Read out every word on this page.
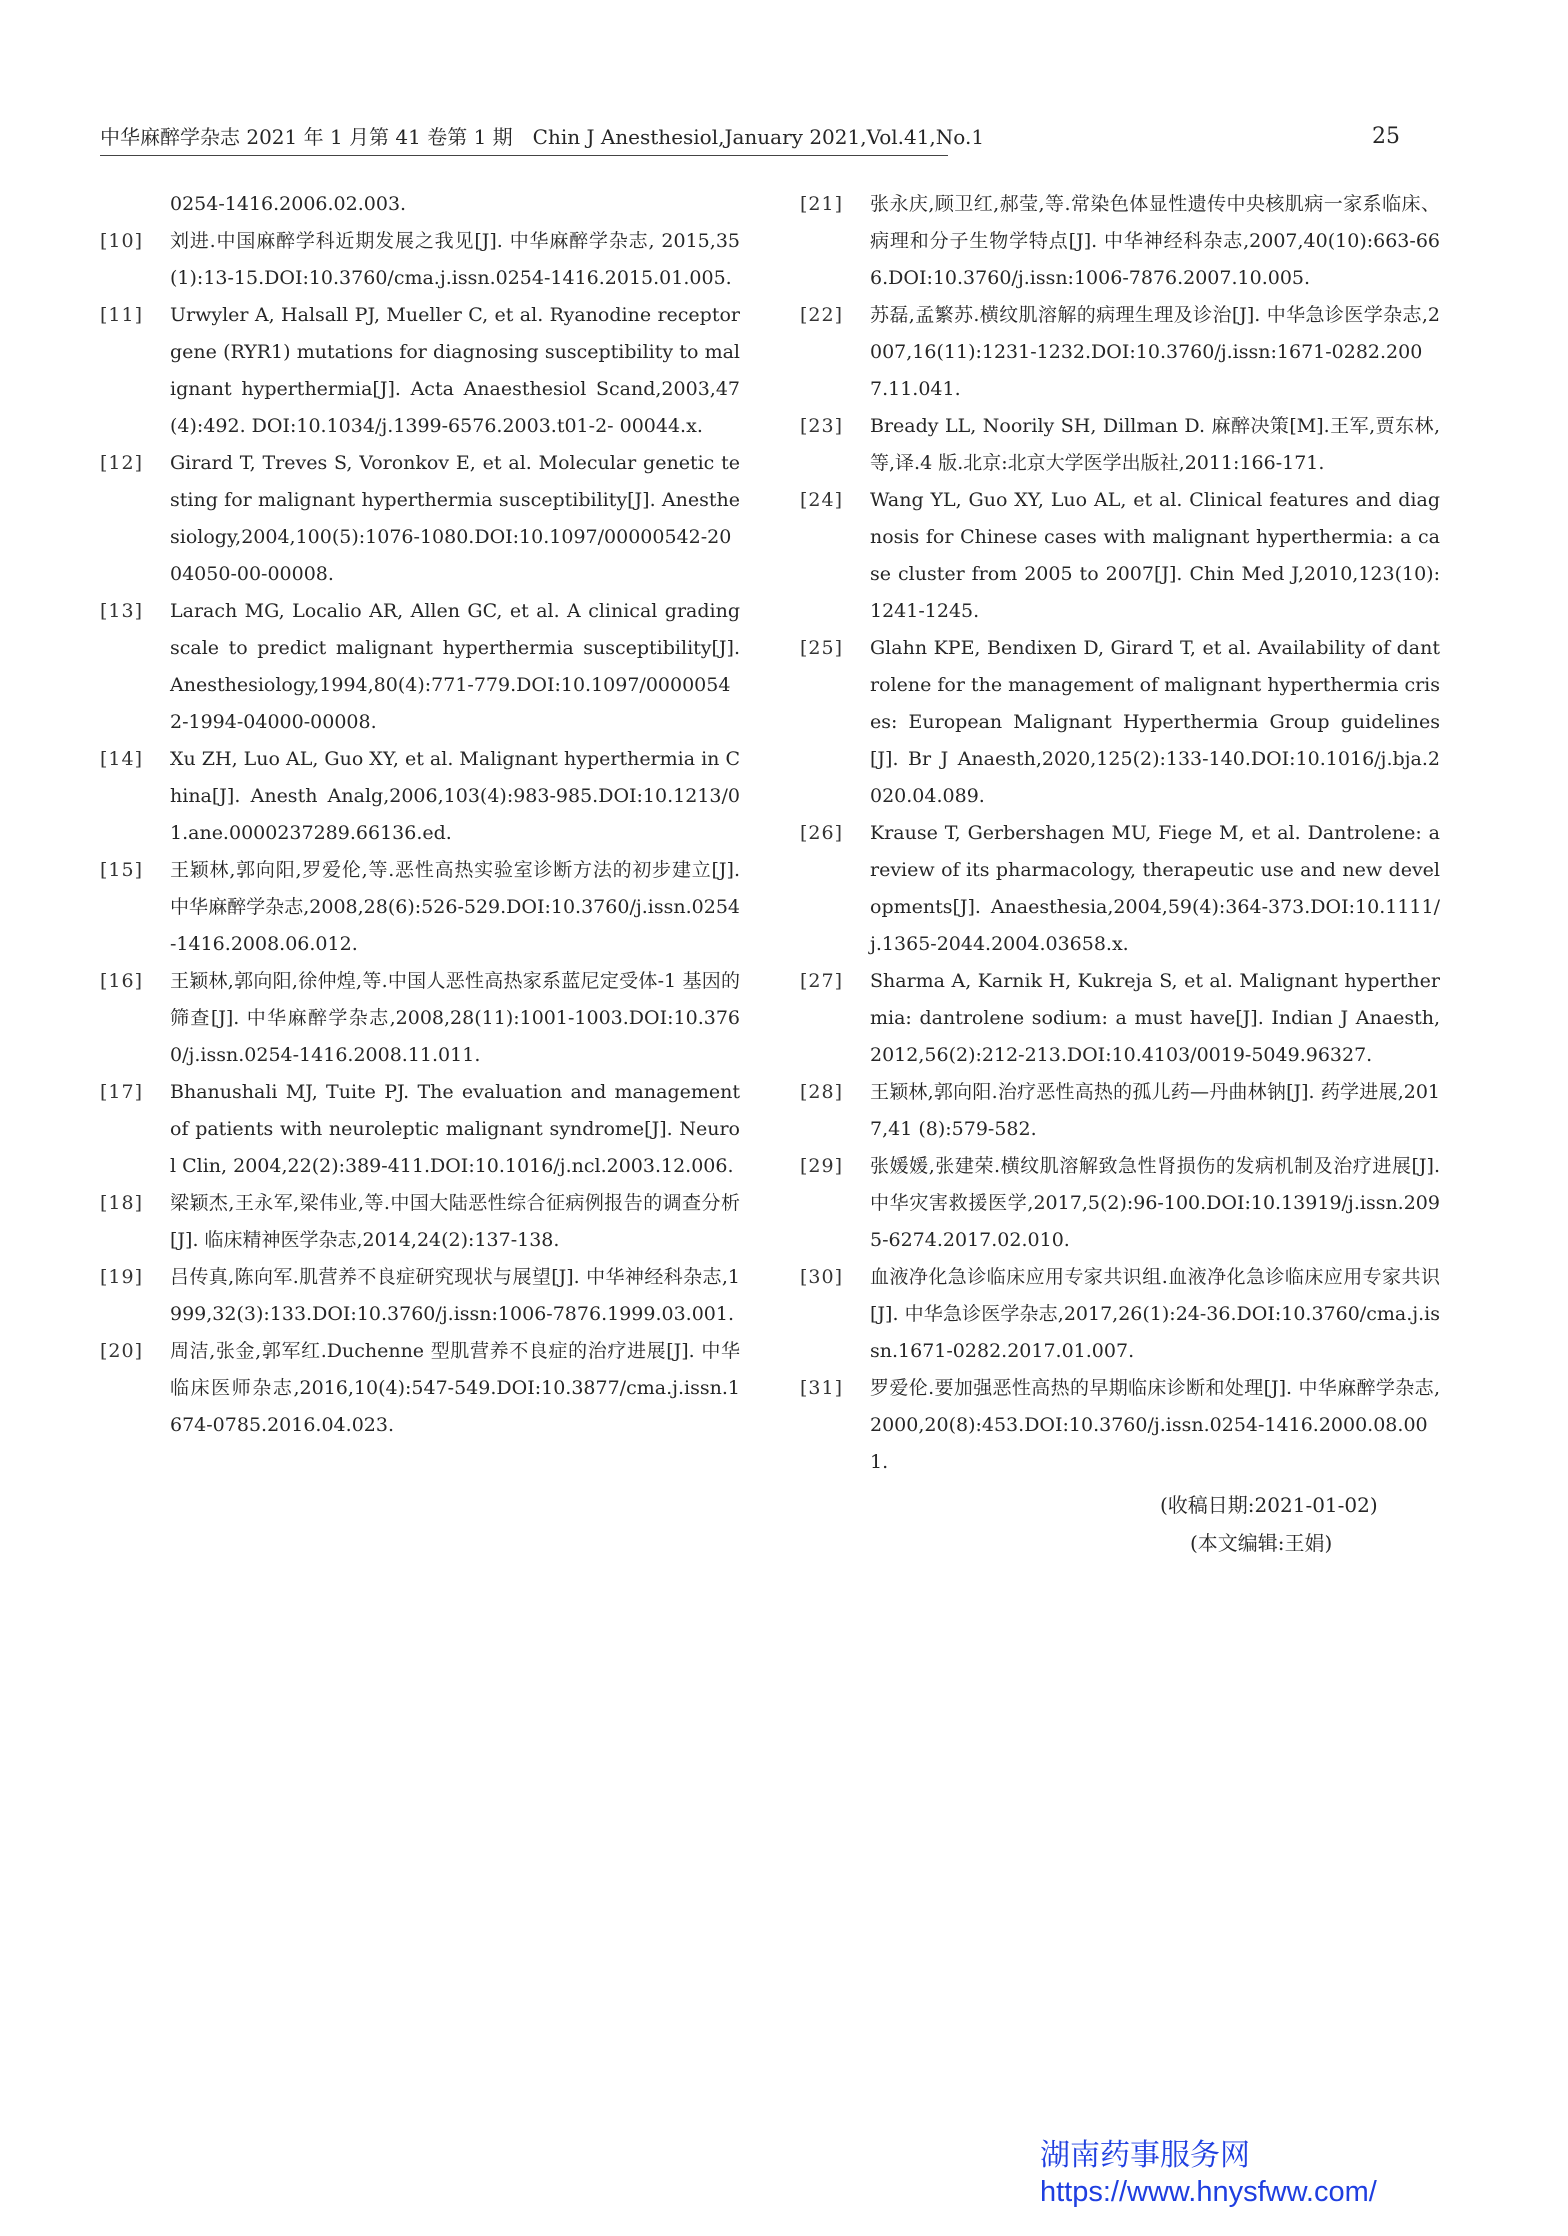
中华麻醉学杂志 2021 年 1 月第 41 卷第 1 期　Chin J Anesthesiol,January 2021,Vol.41,No.1	25
0254-1416.2006.02.003.
[10]	刘进.中国麻醉学科近期发展之我见[J]. 中华麻醉学杂志, 2015,35(1):13-15.DOI:10.3760/cma.j.issn.0254-1416.2015.01.005.
[11]	Urwyler A, Halsall PJ, Mueller C, et al. Ryanodine receptor gene (RYR1) mutations for diagnosing susceptibility to malignant hyperthermia[J]. Acta Anaesthesiol Scand,2003,47(4):492. DOI:10.1034/j.1399-6576.2003.t01-2- 00044.x.
[12]	Girard T, Treves S, Voronkov E, et al. Molecular genetic testing for malignant hyperthermia susceptibility[J]. Anesthesiology,2004,100(5):1076-1080.DOI:10.1097/00000542-2004050-00-00008.
[13]	Larach MG, Localio AR, Allen GC, et al. A clinical grading scale to predict malignant hyperthermia susceptibility[J]. Anesthesiology,1994,80(4):771-779.DOI:10.1097/00000542-1994-04000-00008.
[14]	Xu ZH, Luo AL, Guo XY, et al. Malignant hyperthermia in China[J]. Anesth Analg,2006,103(4):983-985.DOI:10.1213/01.ane.0000237289.66136.ed.
[15]	王颖林,郭向阳,罗爱伦,等.恶性高热实验室诊断方法的初步建立[J]. 中华麻醉学杂志,2008,28(6):526-529.DOI:10.3760/j.issn.0254-1416.2008.06.012.
[16]	王颖林,郭向阳,徐仲煌,等.中国人恶性高热家系蓝尼定受体-1 基因的筛查[J]. 中华麻醉学杂志,2008,28(11):1001-1003.DOI:10.3760/j.issn.0254-1416.2008.11.011.
[17]	Bhanushali MJ, Tuite PJ. The evaluation and management of patients with neuroleptic malignant syndrome[J]. Neurol Clin, 2004,22(2):389-411.DOI:10.1016/j.ncl.2003.12.006.
[18]	梁颖杰,王永军,梁伟业,等.中国大陆恶性综合征病例报告的调查分析[J]. 临床精神医学杂志,2014,24(2):137-138.
[19]	吕传真,陈向军.肌营养不良症研究现状与展望[J]. 中华神经科杂志,1999,32(3):133.DOI:10.3760/j.issn:1006-7876.1999.03.001.
[20]	周洁,张金,郭军红.Duchenne 型肌营养不良症的治疗进展[J]. 中华临床医师杂志,2016,10(4):547-549.DOI:10.3877/cma.j.issn.1674-0785.2016.04.023.
[21]	张永庆,顾卫红,郝莹,等.常染色体显性遗传中央核肌病一家系临床、病理和分子生物学特点[J]. 中华神经科杂志,2007,40(10):663-666.DOI:10.3760/j.issn:1006-7876.2007.10.005.
[22]	苏磊,孟繁苏.横纹肌溶解的病理生理及诊治[J]. 中华急诊医学杂志,2007,16(11):1231-1232.DOI:10.3760/j.issn:1671-0282.2007.11.041.
[23]	Bready LL, Noorily SH, Dillman D. 麻醉决策[M].王军,贾东林,等,译.4 版.北京:北京大学医学出版社,2011:166-171.
[24]	Wang YL, Guo XY, Luo AL, et al. Clinical features and diagnosis for Chinese cases with malignant hyperthermia: a case cluster from 2005 to 2007[J]. Chin Med J,2010,123(10):1241-1245.
[25]	Glahn KPE, Bendixen D, Girard T, et al. Availability of dantrolene for the management of malignant hyperthermia crises: European Malignant Hyperthermia Group guidelines[J]. Br J Anaesth,2020,125(2):133-140.DOI:10.1016/j.bja.2020.04.089.
[26]	Krause T, Gerbershagen MU, Fiege M, et al. Dantrolene: a review of its pharmacology, therapeutic use and new developments[J]. Anaesthesia,2004,59(4):364-373.DOI:10.1111/j.1365-2044.2004.03658.x.
[27]	Sharma A, Karnik H, Kukreja S, et al. Malignant hyperthermia: dantrolene sodium: a must have[J]. Indian J Anaesth, 2012,56(2):212-213.DOI:10.4103/0019-5049.96327.
[28]	王颖林,郭向阳.治疗恶性高热的孤儿药—丹曲林钠[J]. 药学进展,2017,41 (8):579-582.
[29]	张媛媛,张建荣.横纹肌溶解致急性肾损伤的发病机制及治疗进展[J]. 中华灾害救援医学,2017,5(2):96-100.DOI:10.13919/j.issn.2095-6274.2017.02.010.
[30]	血液净化急诊临床应用专家共识组.血液净化急诊临床应用专家共识[J]. 中华急诊医学杂志,2017,26(1):24-36.DOI:10.3760/cma.j.issn.1671-0282.2017.01.007.
[31]	罗爱伦.要加强恶性高热的早期临床诊断和处理[J]. 中华麻醉学杂志,2000,20(8):453.DOI:10.3760/j.issn.0254-1416.2000.08.001.
(收稿日期:2021-01-02)
(本文编辑:王娟)
湖南药事服务网
https://www.hnysfww.com/
